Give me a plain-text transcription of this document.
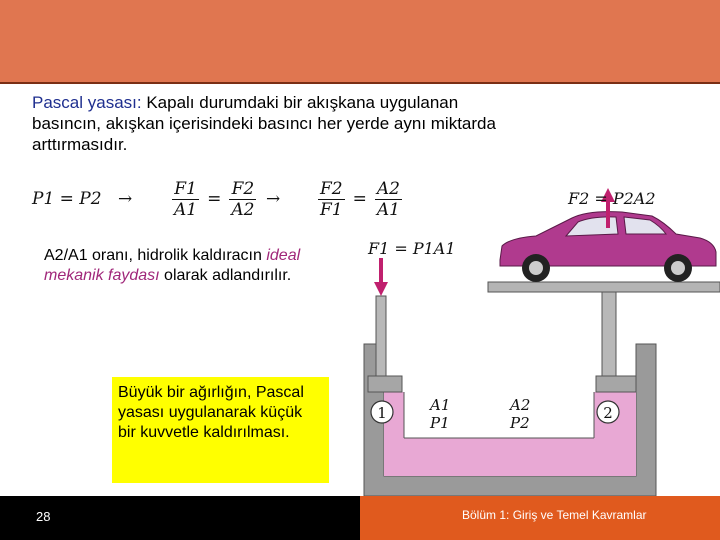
Pascal yasası: Kapalı durumdaki bir akışkana uygulanan basıncın, akışkan içerisindeki basıncı her yerde aynı miktarda arttırmasıdır.
$P1 = P2 \to \frac{F1}{A1} = \frac{F2}{A2} \to \frac{F2}{F1} = \frac{A2}{A1}$
A2/A1 oranı, hidrolik kaldıracın ideal mekanik faydası olarak adlandırılır.
Büyük bir ağırlığın, Pascal yasası uygulanarak küçük bir kuvvetle kaldırılması.
F2 = P2A2
F1 = P1A1
1	2
A1
P1
A2
P2
28	Bölüm 1: Giriş ve Temel Kavramlar
